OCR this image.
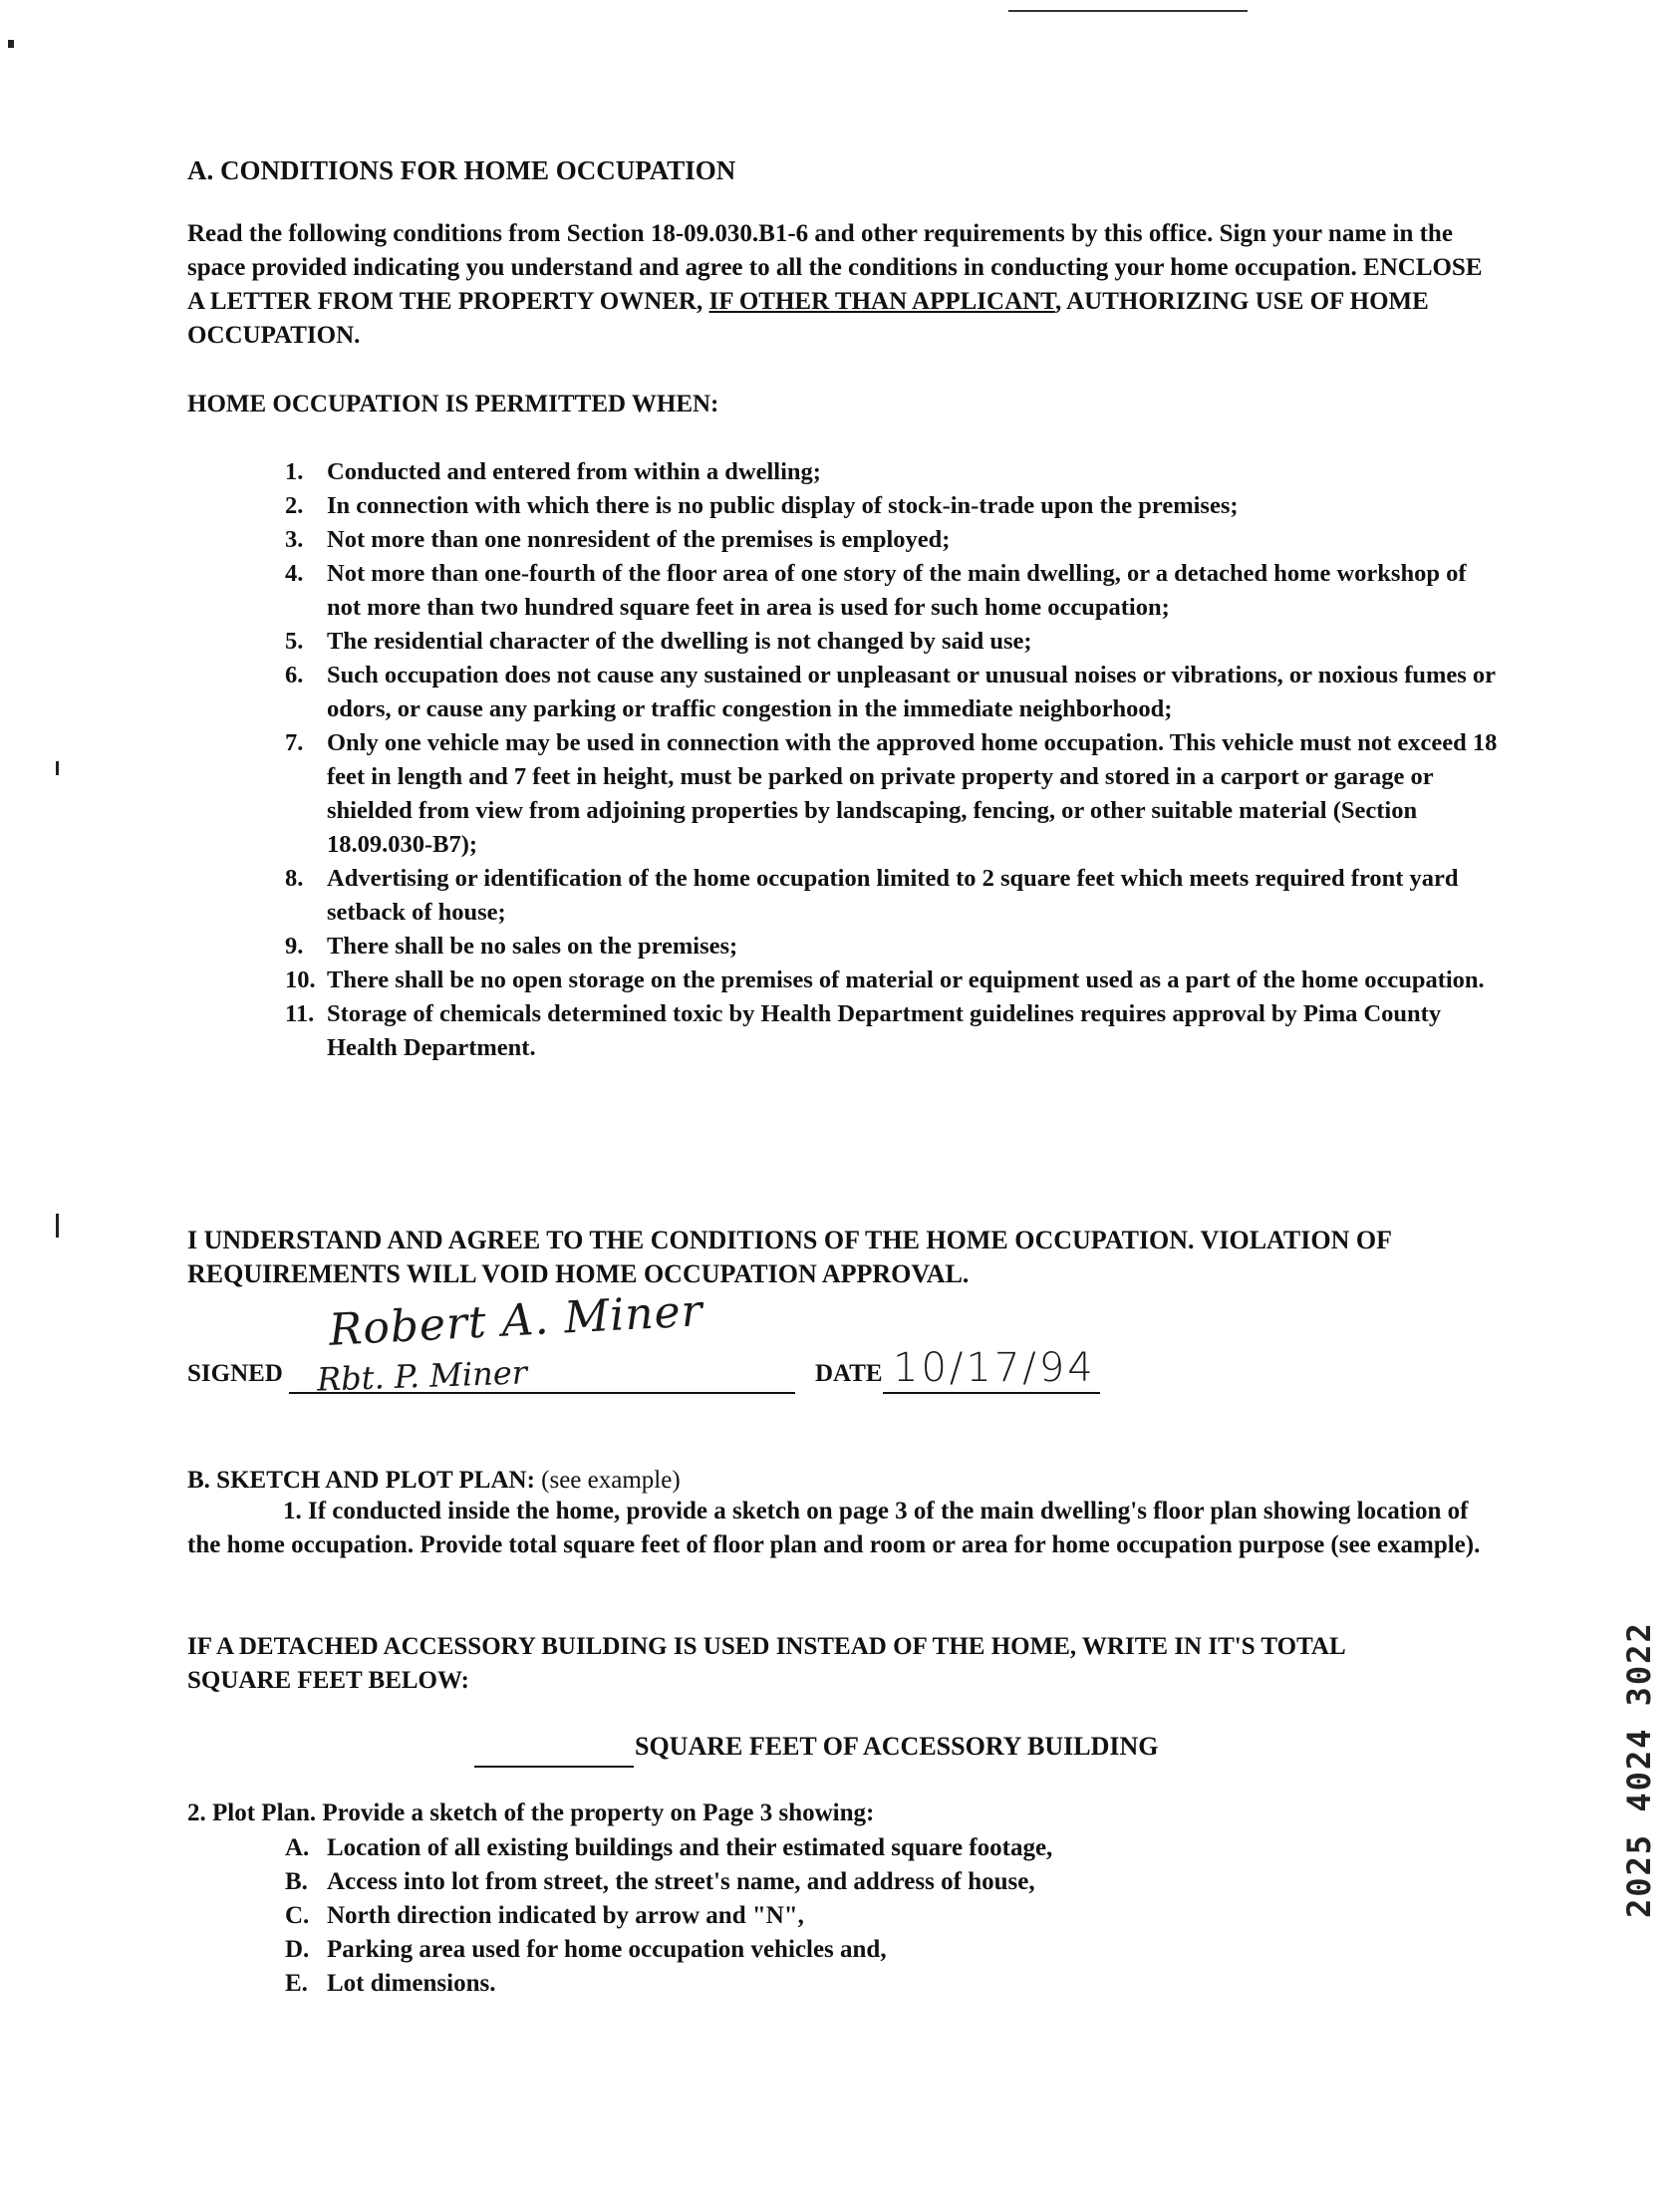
A. CONDITIONS FOR HOME OCCUPATION
Read the following conditions from Section 18-09.030.B1-6 and other requirements by this office. Sign your name in the space provided indicating you understand and agree to all the conditions in conducting your home occupation. ENCLOSE A LETTER FROM THE PROPERTY OWNER, IF OTHER THAN APPLICANT, AUTHORIZING USE OF HOME OCCUPATION.
HOME OCCUPATION IS PERMITTED WHEN:
1. Conducted and entered from within a dwelling;
2. In connection with which there is no public display of stock-in-trade upon the premises;
3. Not more than one nonresident of the premises is employed;
4. Not more than one-fourth of the floor area of one story of the main dwelling, or a detached home workshop of not more than two hundred square feet in area is used for such home occupation;
5. The residential character of the dwelling is not changed by said use;
6. Such occupation does not cause any sustained or unpleasant or unusual noises or vibrations, or noxious fumes or odors, or cause any parking or traffic congestion in the immediate neighborhood;
7. Only one vehicle may be used in connection with the approved home occupation. This vehicle must not exceed 18 feet in length and 7 feet in height, must be parked on private property and stored in a carport or garage or shielded from view from adjoining properties by landscaping, fencing, or other suitable material (Section 18.09.030-B7);
8. Advertising or identification of the home occupation limited to 2 square feet which meets required front yard setback of house;
9. There shall be no sales on the premises;
10. There shall be no open storage on the premises of material or equipment used as a part of the home occupation.
11. Storage of chemicals determined toxic by Health Department guidelines requires approval by Pima County Health Department.
I UNDERSTAND AND AGREE TO THE CONDITIONS OF THE HOME OCCUPATION. VIOLATION OF REQUIREMENTS WILL VOID HOME OCCUPATION APPROVAL.
Robert A. Miner
SIGNED Rbt. P. Miner	DATE 10/17/94
B. SKETCH AND PLOT PLAN: (see example)
1. If conducted inside the home, provide a sketch on page 3 of the main dwelling's floor plan showing location of the home occupation. Provide total square feet of floor plan and room or area for home occupation purpose (see example).
IF A DETACHED ACCESSORY BUILDING IS USED INSTEAD OF THE HOME, WRITE IN IT'S TOTAL SQUARE FEET BELOW:
SQUARE FEET OF ACCESSORY BUILDING
2. Plot Plan. Provide a sketch of the property on Page 3 showing:
A. Location of all existing buildings and their estimated square footage,
B. Access into lot from street, the street's name, and address of house,
C. North direction indicated by arrow and "N",
D. Parking area used for home occupation vehicles and,
E. Lot dimensions.
2025 4024 3022
